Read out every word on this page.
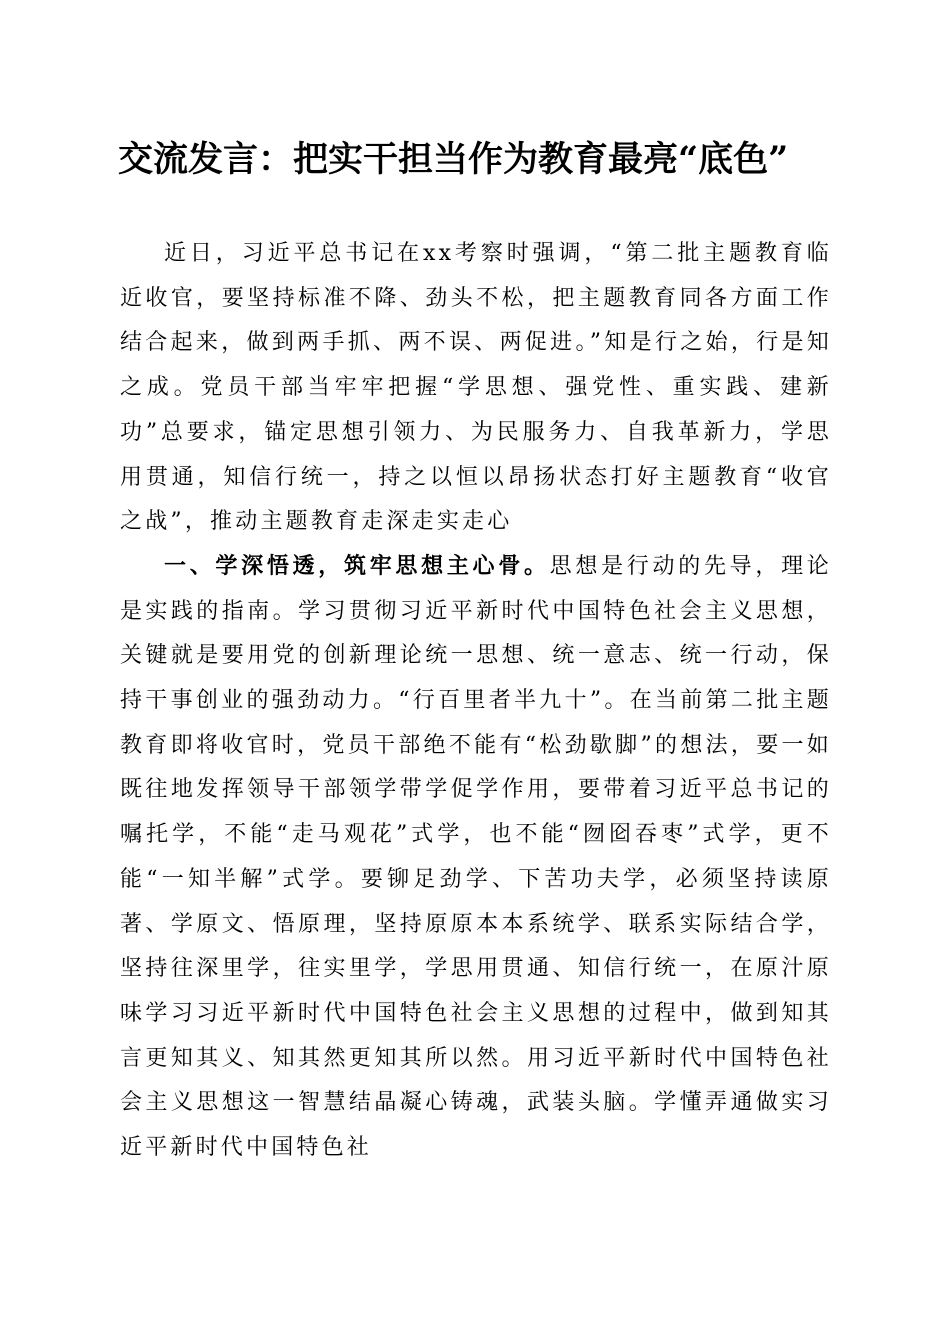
交流发言：把实干担当作为教育最亮“底色”

近日，习近平总书记在xx考察时强调，“第二批主题教育临近收官，要坚持标准不降、劲头不松，把主题教育同各方面工作结合起来，做到两手抓、两不误、两促进。”知是行之始，行是知之成。党员干部当牢牢把握“学思想、强党性、重实践、建新功”总要求，锚定思想引领力、为民服务力、自我革新力，学思用贯通，知信行统一，持之以恒以昂扬状态打好主题教育“收官之战”，推动主题教育走深走实走心

一、学深悟透，筑牢思想主心骨。思想是行动的先导，理论是实践的指南。学习贯彻习近平新时代中国特色社会主义思想，关键就是要用党的创新理论统一思想、统一意志、统一行动，保持干事创业的强劲动力。“行百里者半九十”。在当前第二批主题教育即将收官时，党员干部绝不能有“松劲歇脚”的想法，要一如既往地发挥领导干部领学带学促学作用，要带着习近平总书记的嘱托学，不能“走马观花”式学，也不能“囫囵吞枣”式学，更不能“一知半解”式学。要铆足劲学、下苦功夫学，必须坚持读原著、学原文、悟原理，坚持原原本本系统学、联系实际结合学，坚持往深里学，往实里学，学思用贯通、知信行统一，在原汁原味学习习近平新时代中国特色社会主义思想的过程中，做到知其言更知其义、知其然更知其所以然。用习近平新时代中国特色社会主义思想这一智慧结晶凝心铸魂，武装头脑。学懂弄通做实习近平新时代中国特色社
